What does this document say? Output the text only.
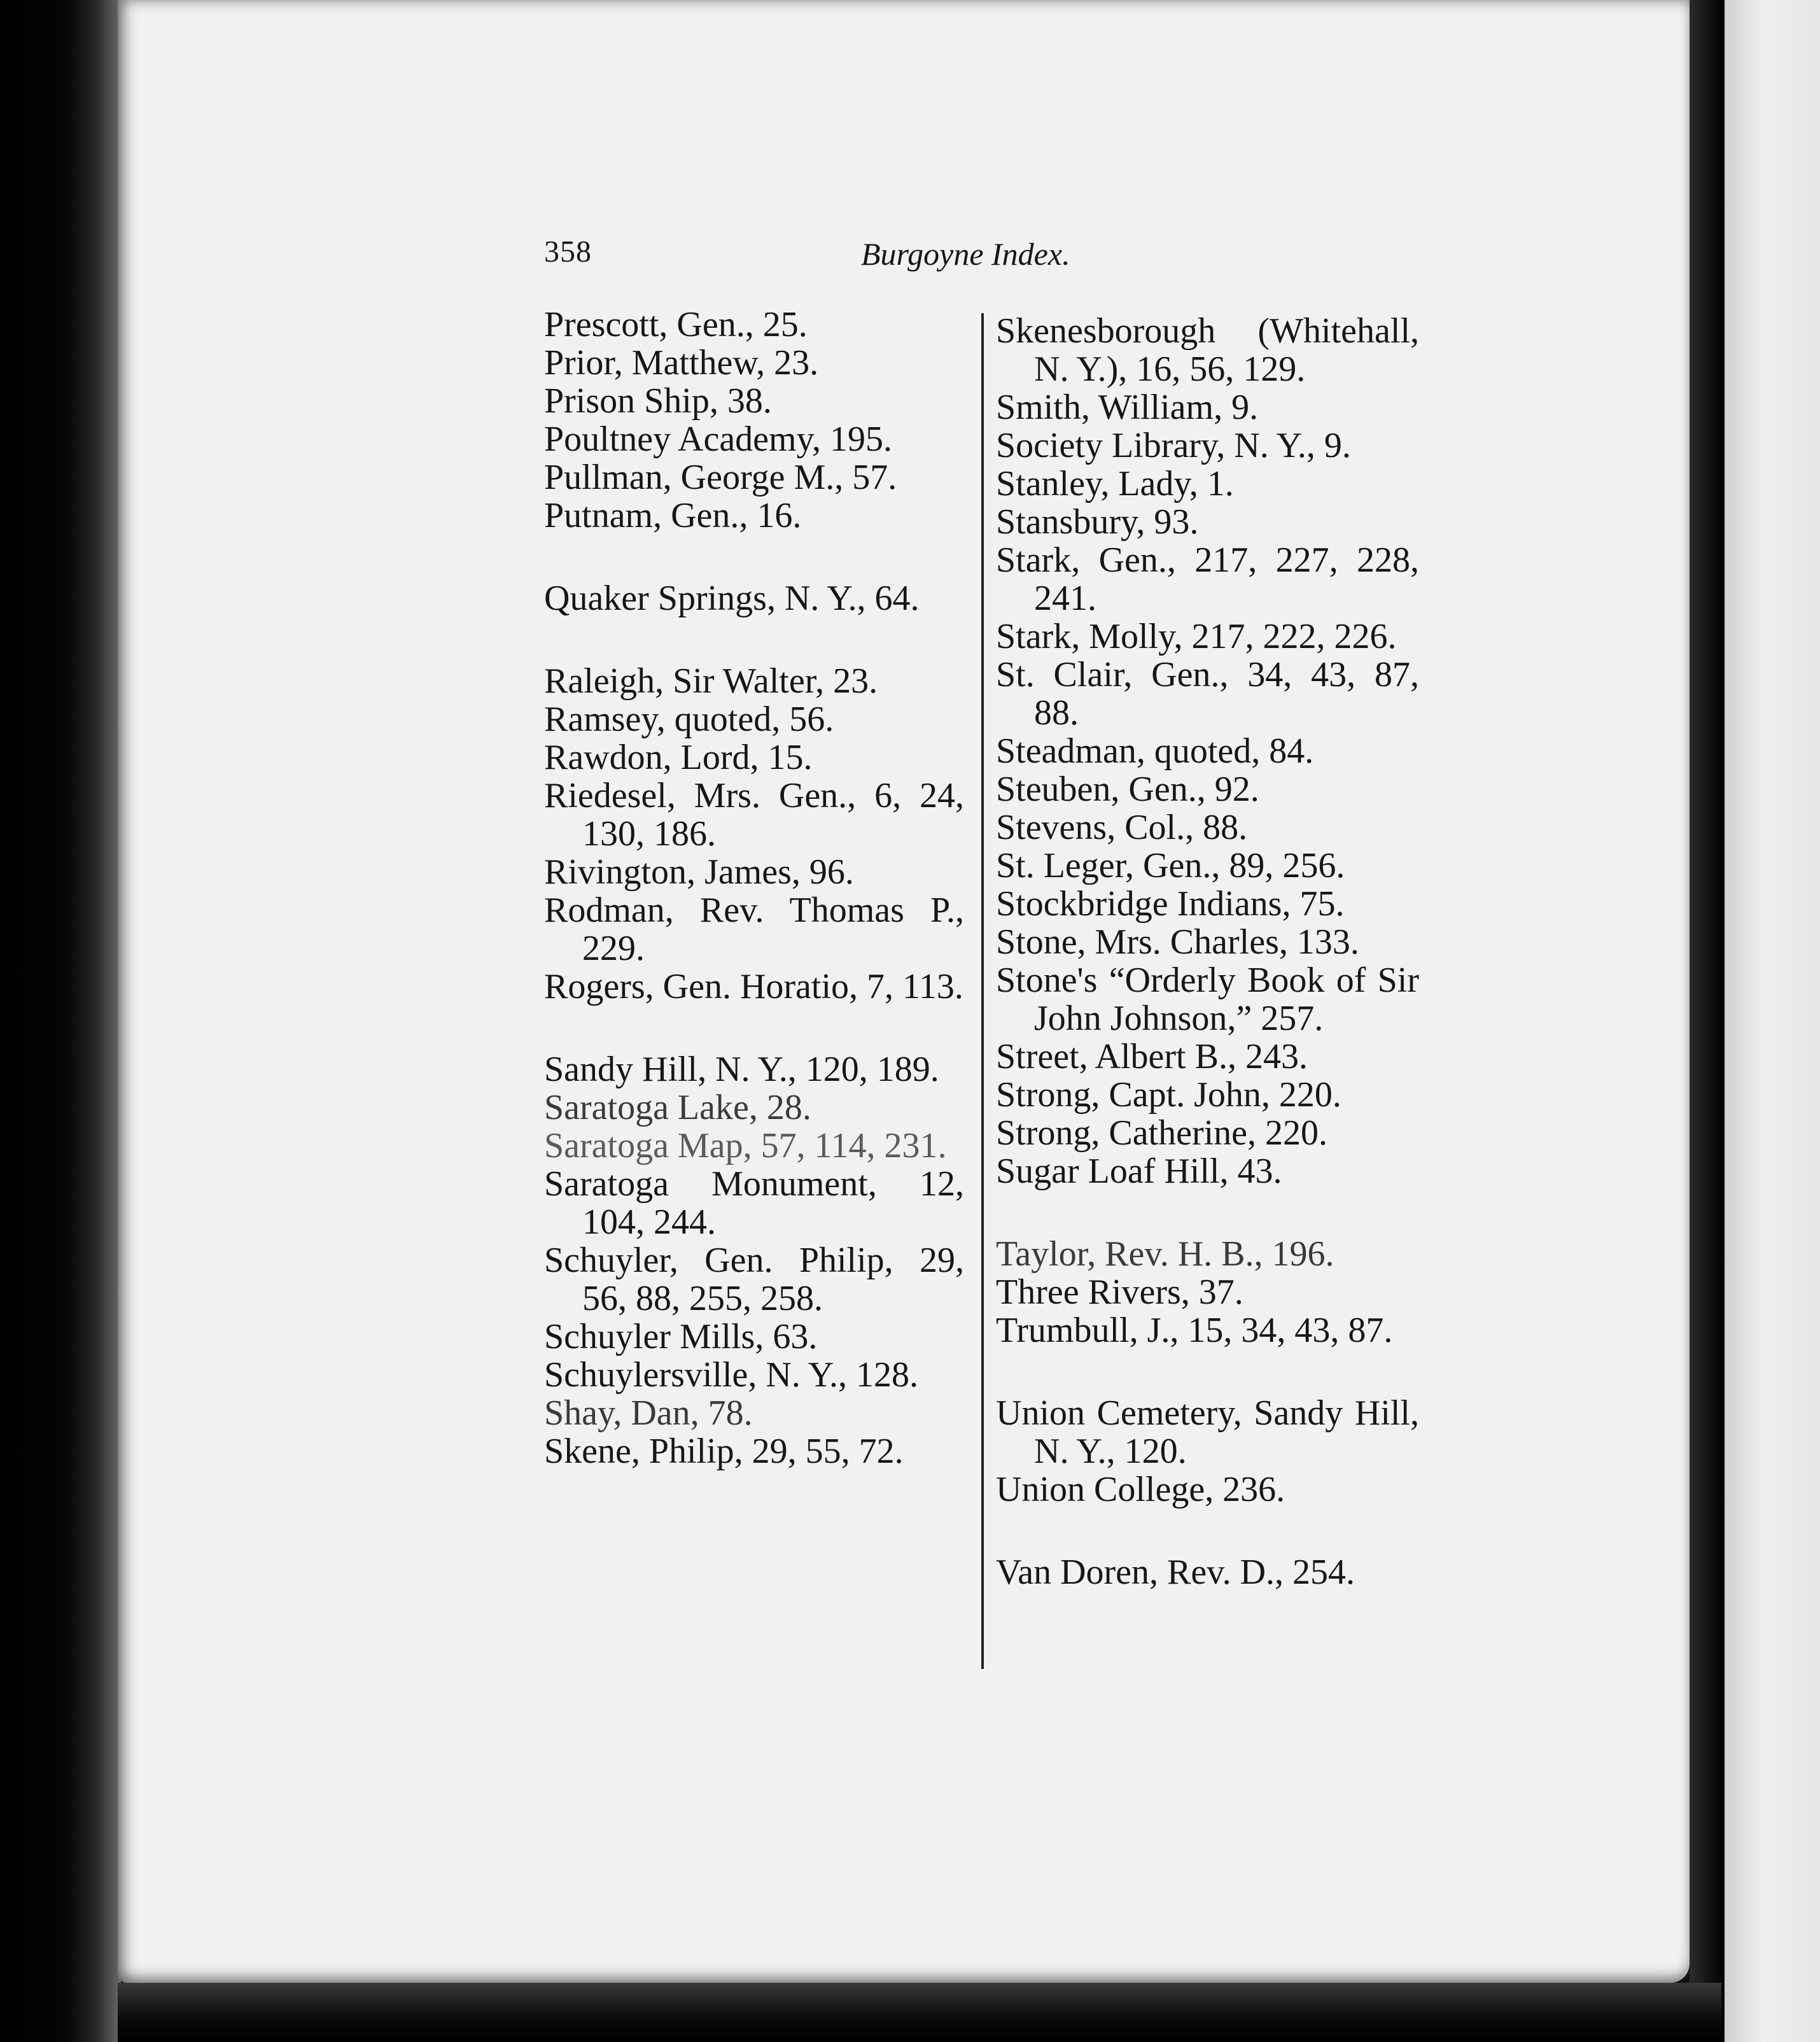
358	Burgoyne Index.
Prescott, Gen., 25.
Prior, Matthew, 23.
Prison Ship, 38.
Poultney Academy, 195.
Pullman, George M., 57.
Putnam, Gen., 16.
Quaker Springs, N. Y., 64.
Raleigh, Sir Walter, 23.
Ramsey, quoted, 56.
Rawdon, Lord, 15.
Riedesel, Mrs. Gen., 6, 24, 130, 186.
Rivington, James, 96.
Rodman, Rev. Thomas P., 229.
Rogers, Gen. Horatio, 7, 113.
Sandy Hill, N. Y., 120, 189.
Saratoga Lake, 28.
Saratoga Map, 57, 114, 231.
Saratoga Monument, 12, 104, 244.
Schuyler, Gen. Philip, 29, 56, 88, 255, 258.
Schuyler Mills, 63.
Schuylersville, N. Y., 128.
Shay, Dan, 78.
Skene, Philip, 29, 55, 72.
Skenesborough (Whitehall, N. Y.), 16, 56, 129.
Smith, William, 9.
Society Library, N. Y., 9.
Stanley, Lady, 1.
Stansbury, 93.
Stark, Gen., 217, 227, 228, 241.
Stark, Molly, 217, 222, 226.
St. Clair, Gen., 34, 43, 87, 88.
Steadman, quoted, 84.
Steuben, Gen., 92.
Stevens, Col., 88.
St. Leger, Gen., 89, 256.
Stockbridge Indians, 75.
Stone, Mrs. Charles, 133.
Stone's “Orderly Book of Sir John Johnson,” 257.
Street, Albert B., 243.
Strong, Capt. John, 220.
Strong, Catherine, 220.
Sugar Loaf Hill, 43.
Taylor, Rev. H. B., 196.
Three Rivers, 37.
Trumbull, J., 15, 34, 43, 87.
Union Cemetery, Sandy Hill, N. Y., 120.
Union College, 236.
Van Doren, Rev. D., 254.
